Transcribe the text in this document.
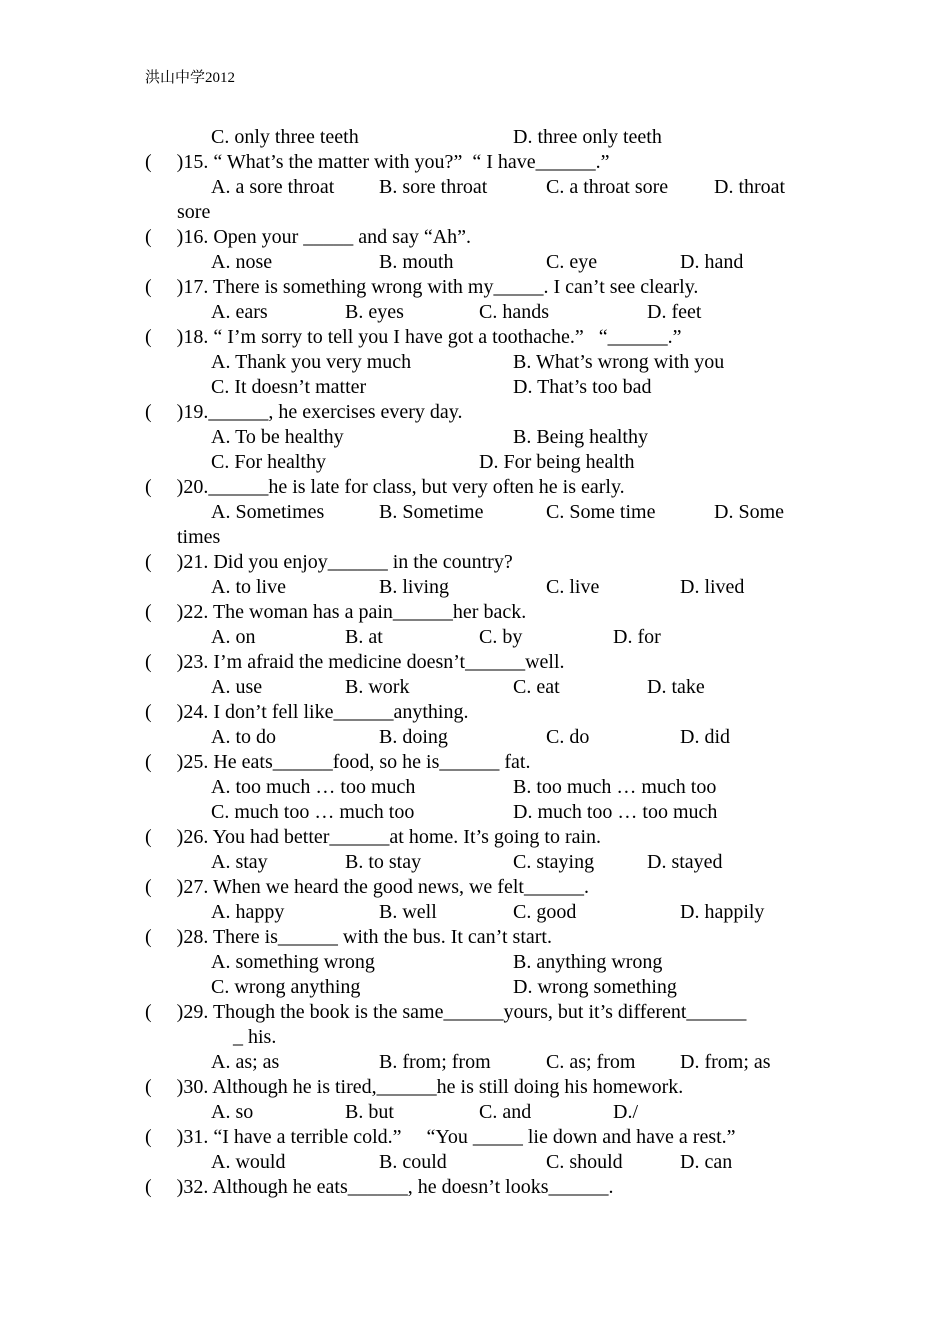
洪山中学2012
C. only three teeth	D. three only teeth
(     )15. “ What’s the matter with you?”  “ I have______.”
A. a sore throat B. sore throat	C. a throat sore D. throat
sore
(     )16. Open your _____ and say “Ah”.
A. nose	B. mouth	C. eye	D. hand
(     )17. There is something wrong with my_____. I can’t see clearly.
A. ears	B. eyes	C. hands	D. feet
(     )18. “ I’m sorry to tell you I have got a toothache.”   “______.”
A. Thank you very much	B. What’s wrong with you
C. It doesn’t matter	D. That’s too bad
(     )19.______, he exercises every day.
A. To be healthy	B. Being healthy
C. For healthy	D. For being health
(     )20.______he is late for class, but very often he is early.
A. Sometimes	B. Sometime	C. Some time	D. Some
times
(     )21. Did you enjoy______ in the country?
A. to live	B. living	C. live	D. lived
(     )22. The woman has a pain______her back.
A. on	B. at	C. by	D. for
(     )23. I’m afraid the medicine doesn’t______well.
A. use	B. work	C. eat	D. take
(     )24. I don’t fell like______anything.
A. to do	B. doing	C. do	D. did
(     )25. He eats______food, so he is______ fat.
A. too much … too much	B. too much … much too
C. much too … much too	D. much too … too much
(     )26. You had better______at home. It’s going to rain.
A. stay	B. to stay	C. staying	D. stayed
(     )27. When we heard the good news, we felt______.
A. happy	B. well	C. good	D. happily
(     )28. There is______ with the bus. It can’t start.
A. something wrong	B. anything wrong
C. wrong anything	D. wrong something
(     )29. Though the book is the same______yours, but it’s different______
_ his.
A. as; as	B. from; from	C. as; from D. from; as
(     )30. Although he is tired,______he is still doing his homework.
A. so	B. but	C. and	D./
(     )31. “I have a terrible cold.”     “You _____ lie down and have a rest.”
A. would	B. could	C. should	D. can
(     )32. Although he eats______, he doesn’t looks______.
